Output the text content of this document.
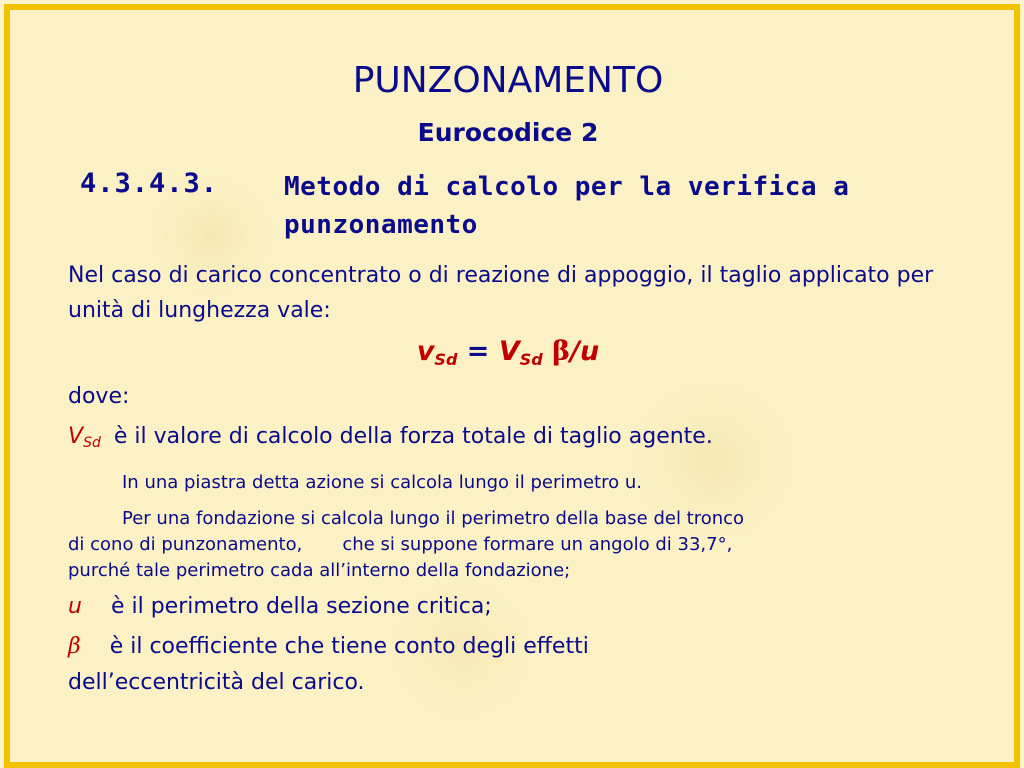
PUNZONAMENTO
Eurocodice 2
4.3.4.3.	Metodo di calcolo per la verifica a punzonamento
Nel caso di carico concentrato o di reazione di appoggio, il taglio applicato per unità di lunghezza vale:
$v_{Sd} = V_{Sd}$ β/u
dove:
$V_{Sd}$ è il valore di calcolo della forza totale di taglio agente.
In una piastra detta azione si calcola lungo il perimetro u.
Per una fondazione si calcola lungo il perimetro della base del tronco
di cono di punzonamento,       che si suppone formare un angolo di 33,7°,
purché tale perimetro cada all’interno della fondazione;
u è il perimetro della sezione critica;
β è il coefficiente che tiene conto degli effetti
dell’eccentricità del carico.
